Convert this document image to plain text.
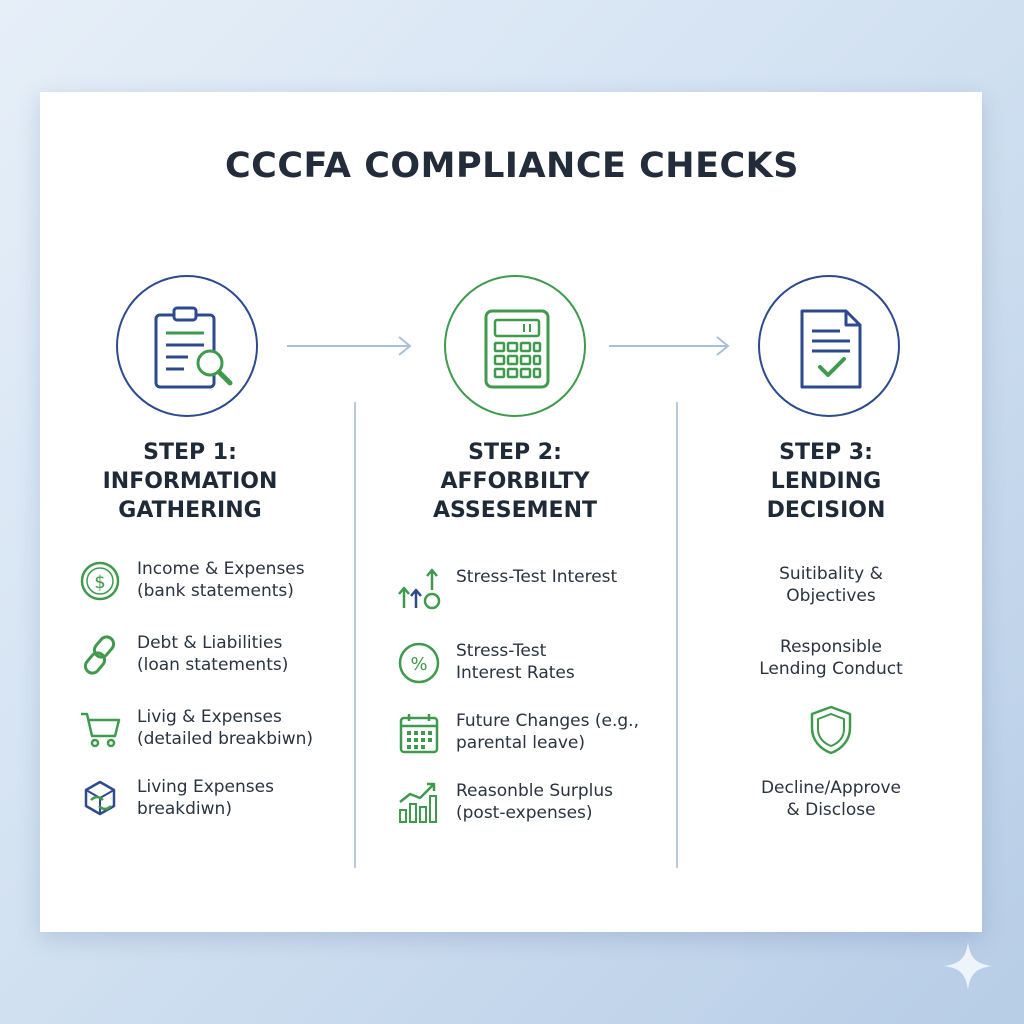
CCCFA COMPLIANCE CHECKS
STEP 1:
INFORMATION
GATHERING
STEP 2:
AFFORBILTY
ASSESEMENT
STEP 3:
LENDING
DECISION
$
Income & Expenses
(bank statements)
Debt & Liabilities
(loan statements)
Livig & Expenses
(detailed breakbiwn)
Living Expenses
breakdiwn)
Stress-Test Interest
%
Stress-Test
Interest Rates
Future Changes (e.g.,
parental leave)
Reasonble Surplus
(post-expenses)
Suitibality &
Objectives
Responsible
Lending Conduct
Decline/Approve
& Disclose
